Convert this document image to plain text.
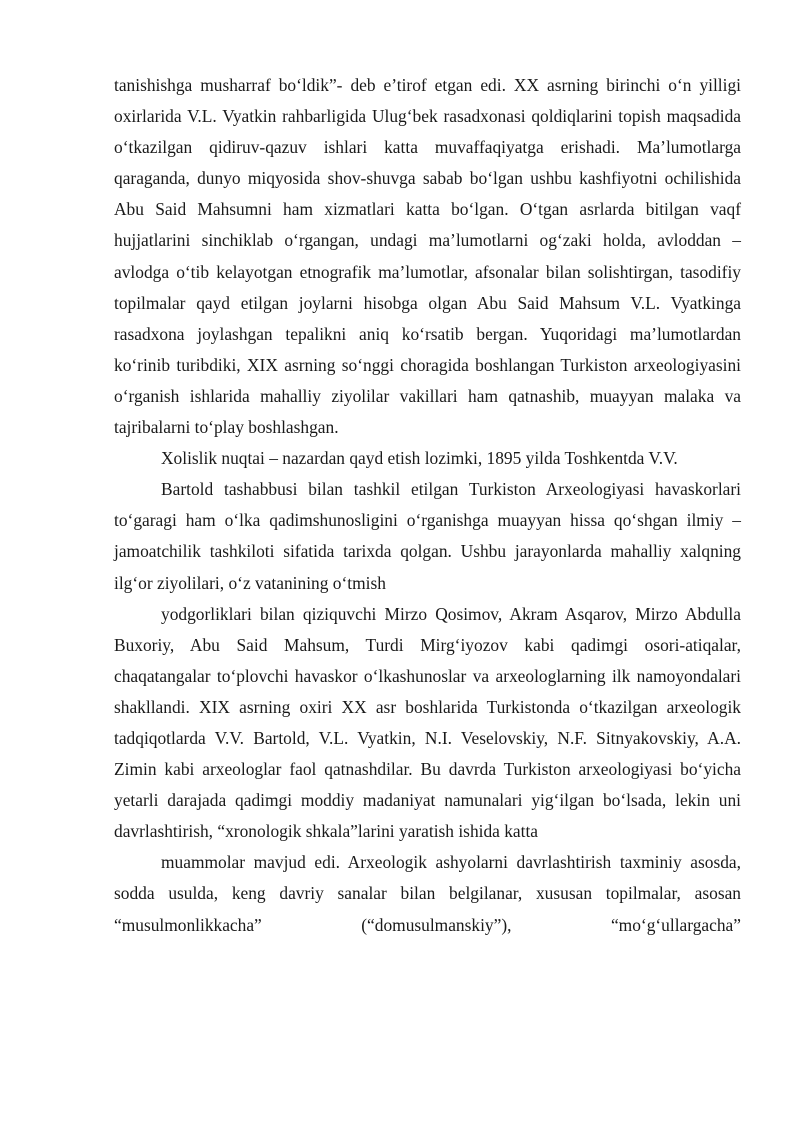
tanishishga musharraf bo‘ldik”- deb e’tirof etgan edi. XX asrning birinchi o‘n yilligi oxirlarida V.L. Vyatkin rahbarligida Ulug‘bek rasadxonasi qoldiqlarini topish maqsadida o‘tkazilgan qidiruv-qazuv ishlari katta muvaffaqiyatga erishadi. Ma’lumotlarga qaraganda, dunyo miqyosida shov-shuvga sabab bo‘lgan ushbu kashfiyotni ochilishida Abu Said Mahsumni ham xizmatlari katta bo‘lgan. O‘tgan asrlarda bitilgan vaqf hujjatlarini sinchiklab o‘rgangan, undagi ma’lumotlarni og‘zaki holda, avloddan – avlodga o‘tib kelayotgan etnografik ma’lumotlar, afsonalar bilan solishtirgan, tasodifiy topilmalar qayd etilgan joylarni hisobga olgan Abu Said Mahsum V.L. Vyatkinga rasadxona joylashgan tepalikni aniq ko‘rsatib bergan. Yuqoridagi ma’lumotlardan ko‘rinib turibdiki, XIX asrning so‘nggi choragida boshlangan Turkiston arxeologiyasini o‘rganish ishlarida mahalliy ziyolilar vakillari ham qatnashib, muayyan malaka va tajribalarni to‘play boshlashgan.

Xolislik nuqtai – nazardan qayd etish lozimki, 1895 yilda Toshkentda V.V.

Bartold tashabbusi bilan tashkil etilgan Turkiston Arxeologiyasi havaskorlari to‘garagi ham o‘lka qadimshunosligini o‘rganishga muayyan hissa qo‘shgan ilmiy – jamoatchilik tashkiloti sifatida tarixda qolgan. Ushbu jarayonlarda mahalliy xalqning ilg‘or ziyolilari, o‘z vatanining o‘tmish

yodgorliklari bilan qiziquvchi Mirzo Qosimov, Akram Asqarov, Mirzo Abdulla Buxoriy, Abu Said Mahsum, Turdi Mirg‘iyozov kabi qadimgi osori-atiqalar, chaqatangalar to‘plovchi havaskor o‘lkashunoslar va arxeologlarning ilk namoyondalari shakllandi. XIX asrning oxiri XX asr boshlarida Turkistonda o‘tkazilgan arxeologik tadqiqotlarda V.V. Bartold, V.L. Vyatkin, N.I. Veselovskiy, N.F. Sitnyakovskiy, A.A. Zimin kabi arxeologlar faol qatnashdilar. Bu davrda Turkiston arxeologiyasi bo‘yicha yetarli darajada qadimgi moddiy madaniyat namunalari yig‘ilgan bo‘lsada, lekin uni davrlashtirish, “xronologik shkala”larini yaratish ishida katta

muammolar mavjud edi. Arxeologik ashyolarni davrlashtirish taxminiy asosda, sodda usulda, keng davriy sanalar bilan belgilanar, xususan topilmalar, asosan “musulmonlikkacha” (“domusulmanskiy”), “mo‘g‘ullargacha”
